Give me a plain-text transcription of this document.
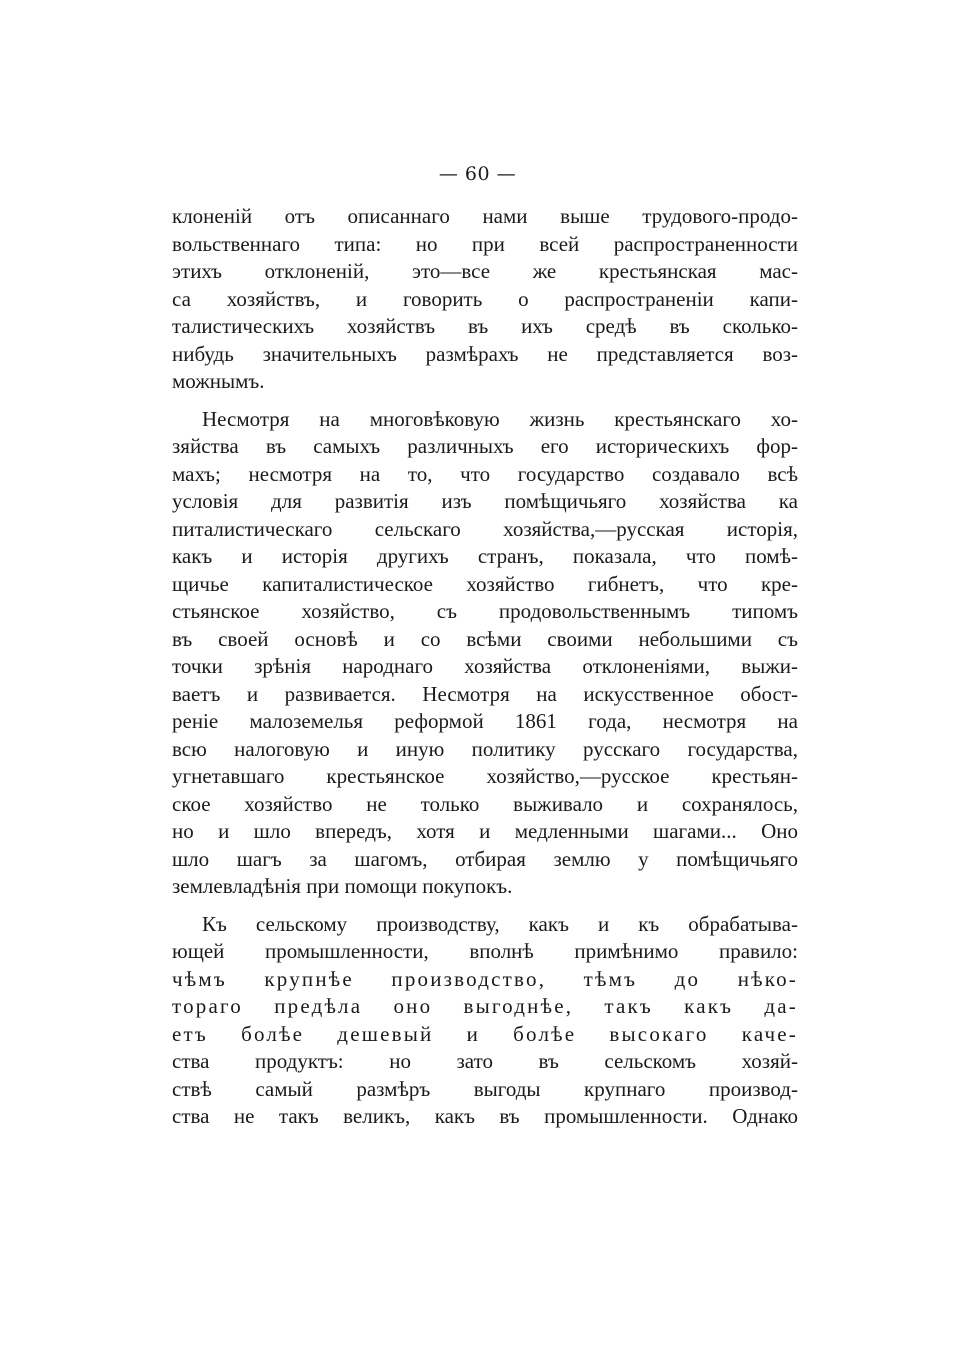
— 60 —
клоненій отъ описаннаго нами выше трудового-продо-
вольственнаго типа: но при всей распространенности
этихъ отклоненій, это—все же крестьянская мас-
са хозяйствъ, и говорить о распространеніи капи-
талистическихъ хозяйствъ въ ихъ средѣ въ сколько-
нибудь значительныхъ размѣрахъ не представляется воз-
можнымъ.
Несмотря на многовѣковую жизнь крестьянскаго хо-
зяйства въ самыхъ различныхъ его историческихъ фор-
махъ; несмотря на то, что государство создавало всѣ
условія для развитія изъ помѣщичьяго хозяйства ка
питалистическаго сельскаго хозяйства,—русская исторія,
какъ и исторія другихъ странъ, показала, что помѣ-
щичье капиталистическое хозяйство гибнетъ, что кре-
стьянское хозяйство, съ продовольственнымъ типомъ
въ своей основѣ и со всѣми своими небольшими съ
точки зрѣнія народнаго хозяйства отклоненіями, выжи-
ваетъ и развивается. Несмотря на искусственное обост-
реніе малоземелья реформой 1861 года, несмотря на
всю налоговую и иную политику русскаго государства,
угнетавшаго крестьянское хозяйство,—русское крестьян-
ское хозяйство не только выживало и сохранялось,
но и шло впередъ, хотя и медленными шагами... Оно
шло шагъ за шагомъ, отбирая землю у помѣщичьяго
землевладѣнія при помощи покупокъ.
Къ сельскому производству, какъ и къ обрабатыва-
ющей промышленности, вполнѣ примѣнимо правило:
чѣмъ крупнѣе производство, тѣмъ до нѣко-
тораго предѣла оно выгоднѣе, такъ какъ да-
етъ болѣе дешевый и болѣе высокаго каче-
ства продуктъ: но зато въ сельскомъ хозяй-
ствѣ самый размѣръ выгоды крупнаго производ-
ства не такъ великъ, какъ въ промышленности. Однако
